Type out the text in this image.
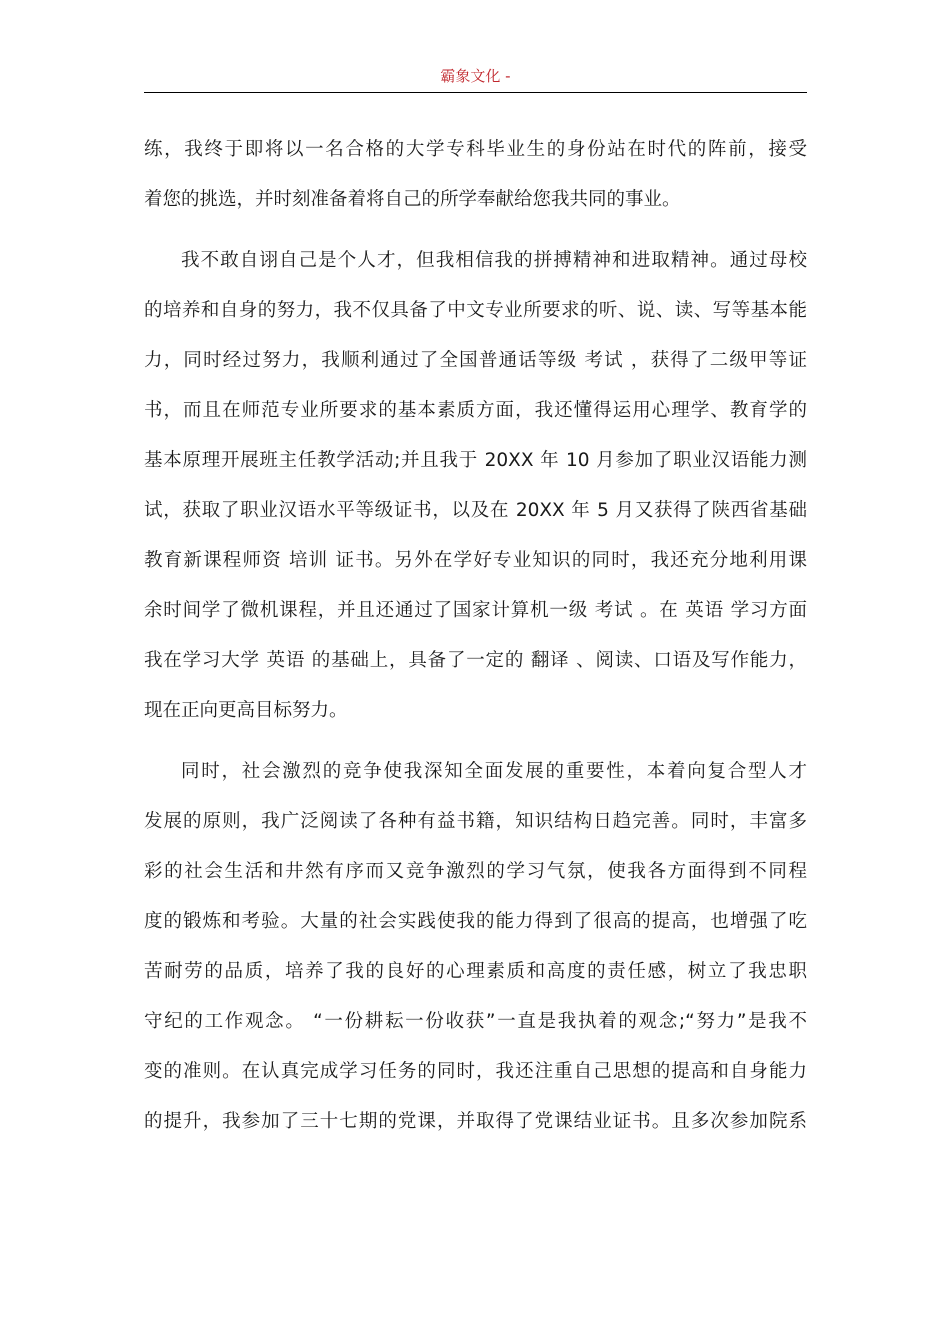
霸象文化 -
练，我终于即将以一名合格的大学专科毕业生的身份站在时代的阵前，接受
着您的挑选，并时刻准备着将自己的所学奉献给您我共同的事业。
我不敢自诩自己是个人才，但我相信我的拼搏精神和进取精神。通过母校
的培养和自身的努力，我不仅具备了中文专业所要求的听、说、读、写等基本能
力，同时经过努力，我顺利通过了全国普通话等级 考试 ，获得了二级甲等证
书，而且在师范专业所要求的基本素质方面，我还懂得运用心理学、教育学的
基本原理开展班主任教学活动;并且我于 20XX 年 10 月参加了职业汉语能力测
试，获取了职业汉语水平等级证书，以及在 20XX 年 5 月又获得了陕西省基础
教育新课程师资 培训 证书。另外在学好专业知识的同时，我还充分地利用课
余时间学了微机课程，并且还通过了国家计算机一级 考试 。在 英语 学习方面
我在学习大学 英语 的基础上，具备了一定的 翻译 、阅读、口语及写作能力，
现在正向更高目标努力。
同时，社会激烈的竞争使我深知全面发展的重要性，本着向复合型人才
发展的原则，我广泛阅读了各种有益书籍，知识结构日趋完善。同时，丰富多
彩的社会生活和井然有序而又竞争激烈的学习气氛，使我各方面得到不同程
度的锻炼和考验。大量的社会实践使我的能力得到了很高的提高，也增强了吃
苦耐劳的品质，培养了我的良好的心理素质和高度的责任感，树立了我忠职
守纪的工作观念。 “一份耕耘一份收获”一直是我执着的观念;“努力”是我不
变的准则。在认真完成学习任务的同时，我还注重自己思想的提高和自身能力
的提升，我参加了三十七期的党课，并取得了党课结业证书。且多次参加院系
